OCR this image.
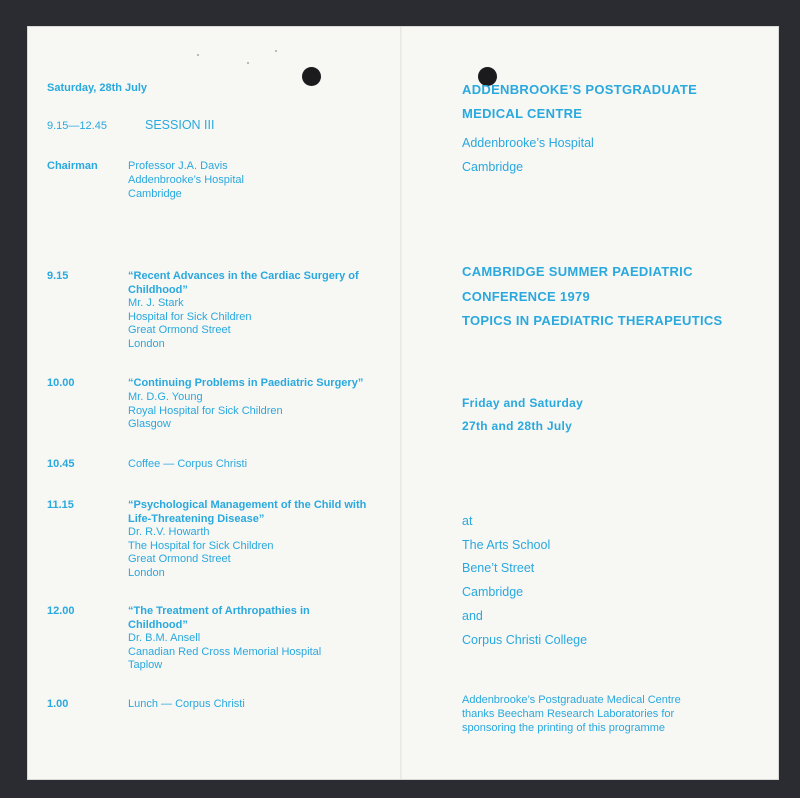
Saturday, 28th July
9.15—12.45	SESSION III
Chairman	Professor J.A. Davis
Addenbrooke’s Hospital
Cambridge
9.15	“Recent Advances in the Cardiac Surgery of
Childhood”
Mr. J. Stark
Hospital for Sick Children
Great Ormond Street
London
10.00	“Continuing Problems in Paediatric Surgery”
Mr. D.G. Young
Royal Hospital for Sick Children
Glasgow
10.45	Coffee — Corpus Christi
11.15	“Psychological Management of the Child with
Life-Threatening Disease”
Dr. R.V. Howarth
The Hospital for Sick Children
Great Ormond Street
London
12.00	“The Treatment of Arthropathies in
Childhood”
Dr. B.M. Ansell
Canadian Red Cross Memorial Hospital
Taplow
1.00	Lunch — Corpus Christi
ADDENBROOKE’S POSTGRADUATE
MEDICAL CENTRE
Addenbrooke’s Hospital
Cambridge
CAMBRIDGE SUMMER PAEDIATRIC
CONFERENCE 1979
TOPICS IN PAEDIATRIC THERAPEUTICS
Friday and Saturday
27th and 28th July
at
The Arts School
Bene’t Street
Cambridge
and
Corpus Christi College
Addenbrooke’s Postgraduate Medical Centre
thanks Beecham Research Laboratories for
sponsoring the printing of this programme
